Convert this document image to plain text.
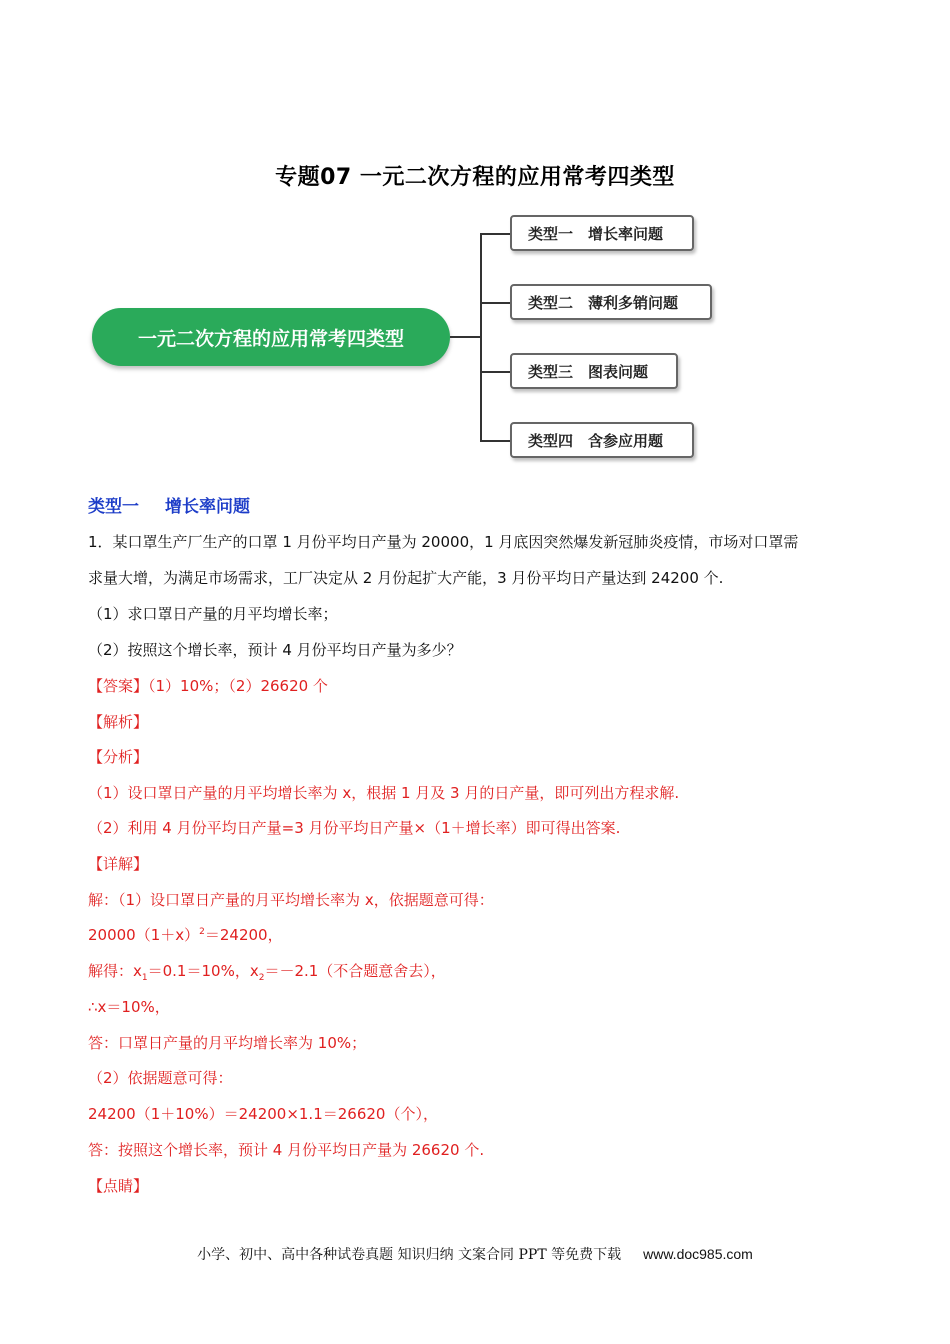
专题07 一元二次方程的应用常考四类型
一元二次方程的应用常考四类型
类型一　增长率问题
类型二　薄利多销问题
类型三　图表问题
类型四　含参应用题
类型一 增长率问题
1．某口罩生产厂生产的口罩 1 月份平均日产量为 20000，1 月底因突然爆发新冠肺炎疫情，市场对口罩需
求量大增，为满足市场需求，工厂决定从 2 月份起扩大产能，3 月份平均日产量达到 24200 个.
（1）求口罩日产量的月平均增长率；
（2）按照这个增长率，预计 4 月份平均日产量为多少？
【答案】（1）10%；（2）26620 个
【解析】
【分析】
（1）设口罩日产量的月平均增长率为 x，根据 1 月及 3 月的日产量，即可列出方程求解.
（2）利用 4 月份平均日产量=3 月份平均日产量×（1＋增长率）即可得出答案.
【详解】
解：（1）设口罩日产量的月平均增长率为 x，依据题意可得：
$20000(1+x)^2=24200$，
解得：$x_1=0.1=10\%$，$x_2=-2.1$（不合题意舍去），
∴x＝10%，
答：口罩日产量的月平均增长率为 10%；
（2）依据题意可得：
24200（1＋10%）＝24200×1.1＝26620（个），
答：按照这个增长率，预计 4 月份平均日产量为 26620 个.
【点睛】
小学、初中、高中各种试卷真题 知识归纳 文案合同 PPT 等免费下载 www.doc985.com
